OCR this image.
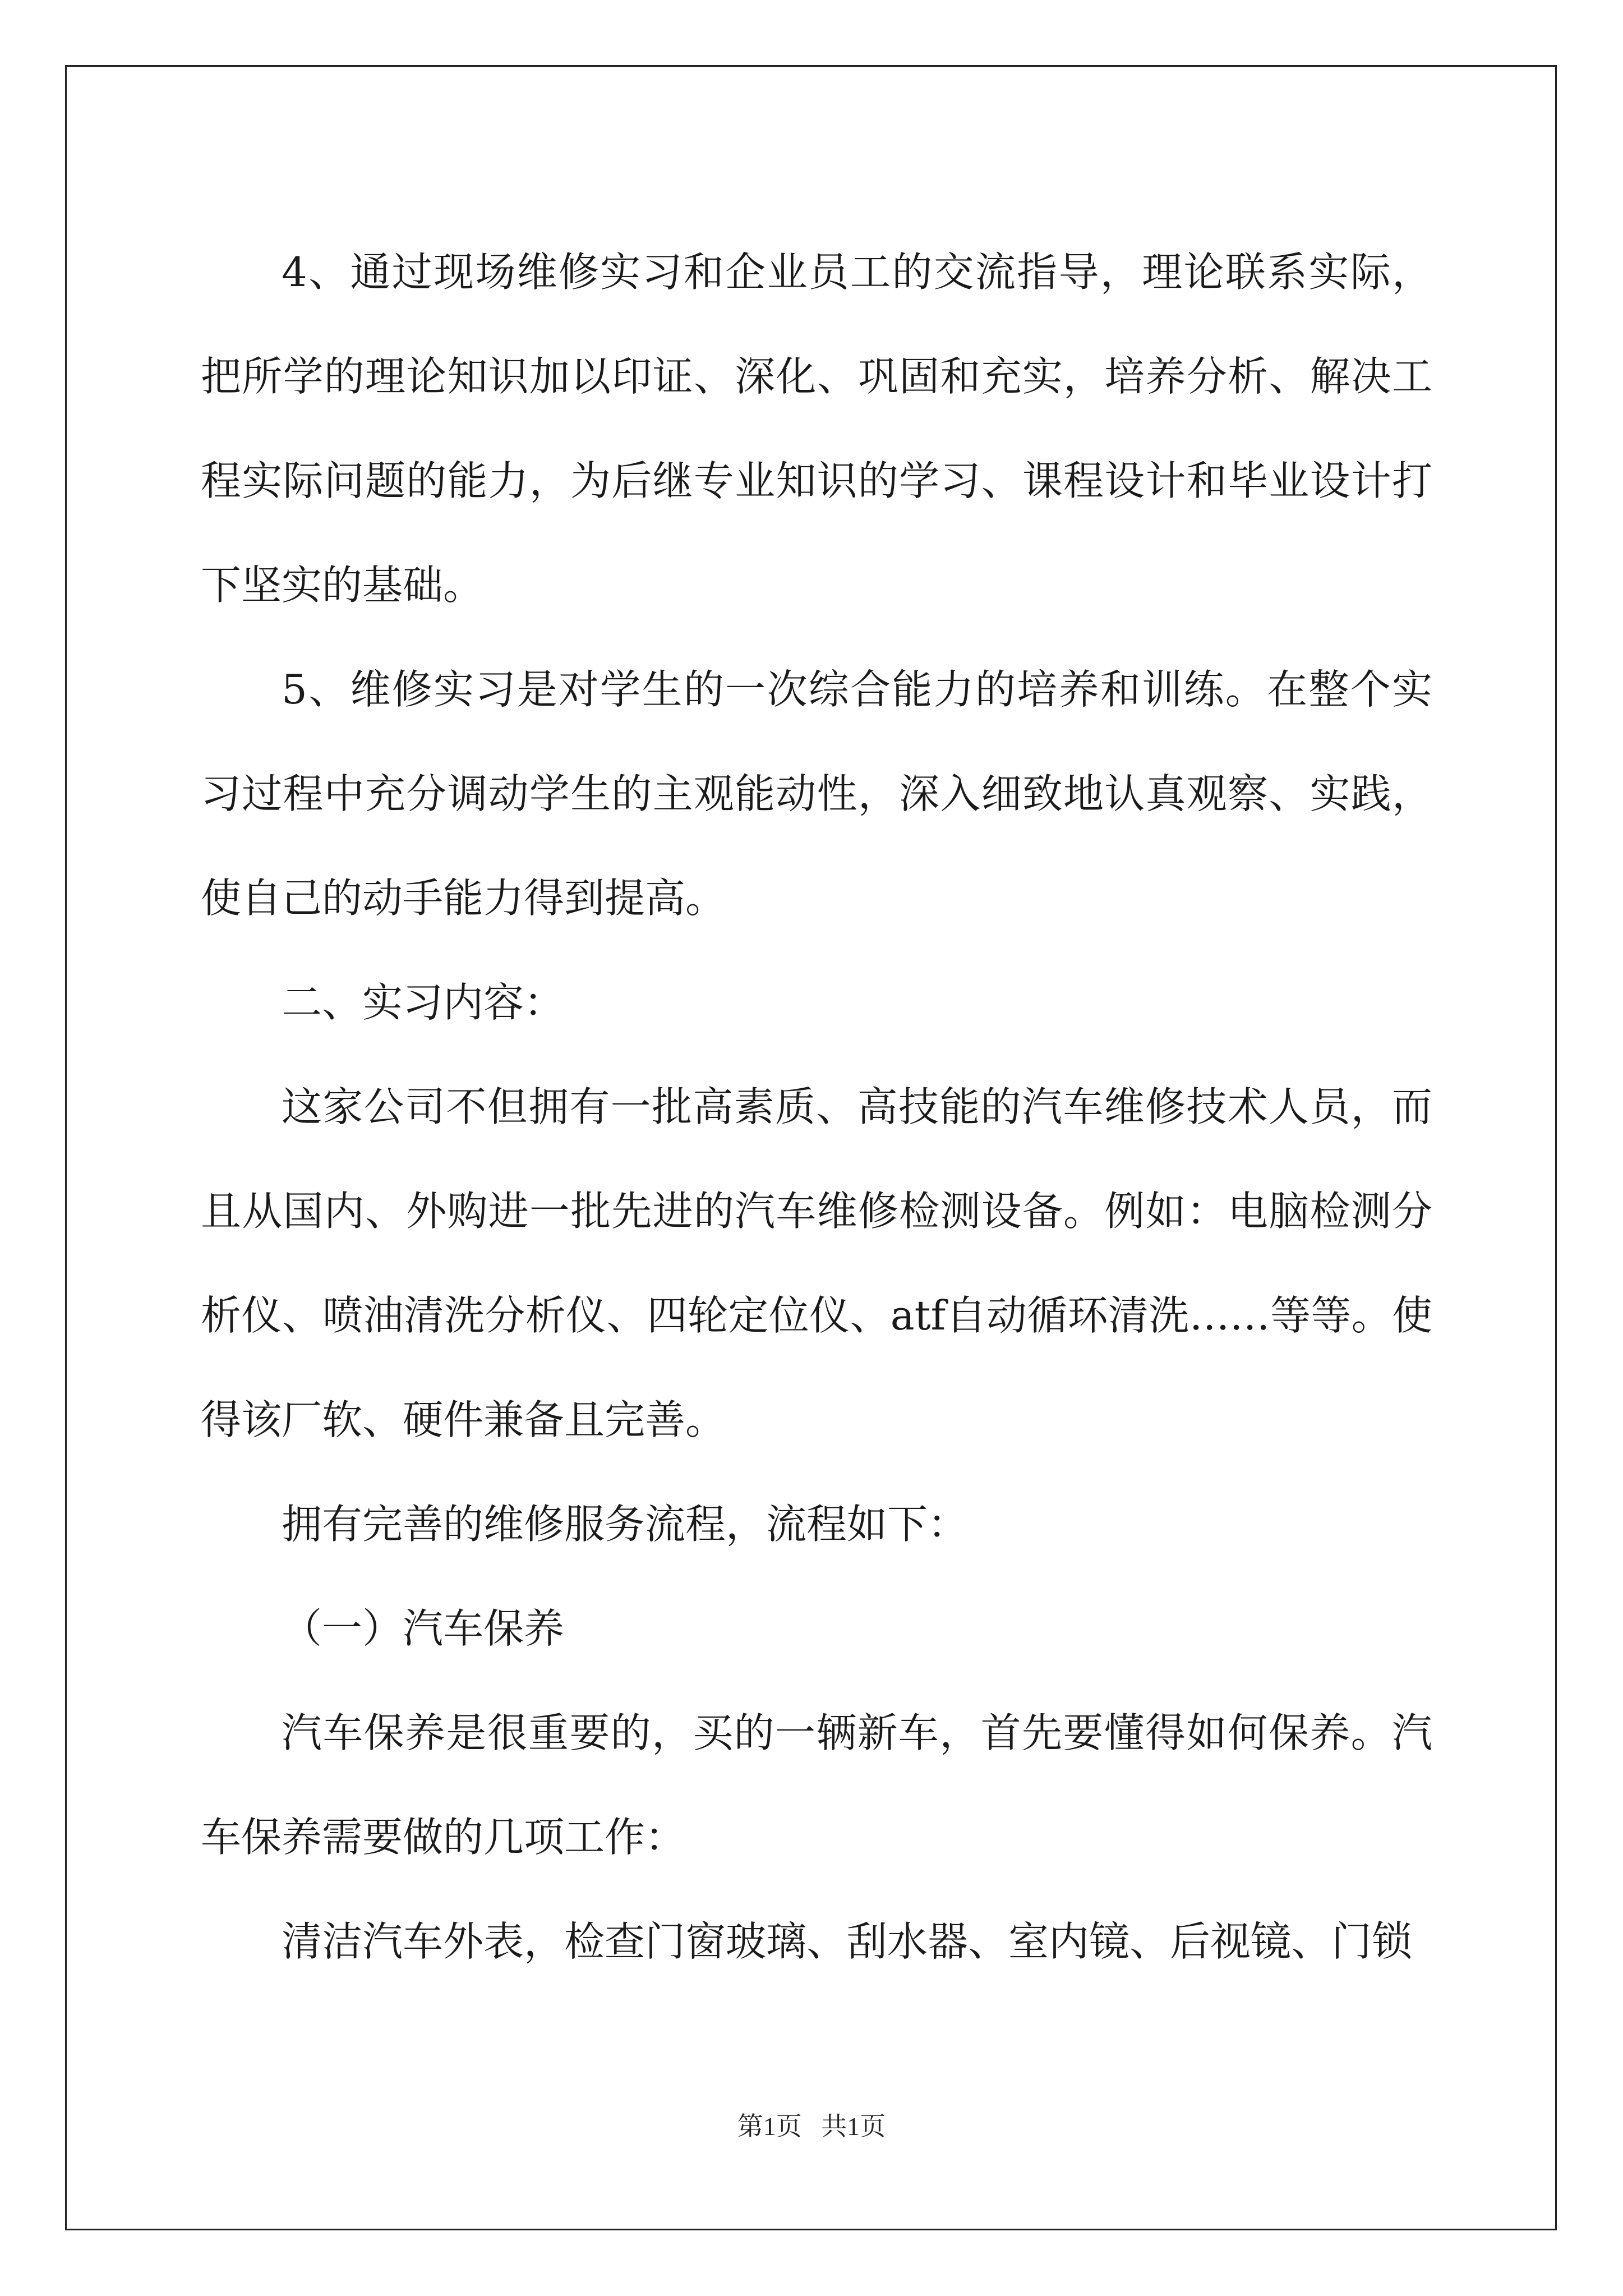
4、通过现场维修实习和企业员工的交流指导，理论联系实际，把所学的理论知识加以印证、深化、巩固和充实，培养分析、解决工程实际问题的能力，为后继专业知识的学习、课程设计和毕业设计打下坚实的基础。

5、维修实习是对学生的一次综合能力的培养和训练。在整个实习过程中充分调动学生的主观能动性，深入细致地认真观察、实践，使自己的动手能力得到提高。

二、实习内容：

这家公司不但拥有一批高素质、高技能的汽车维修技术人员，而且从国内、外购进一批先进的汽车维修检测设备。例如：电脑检测分析仪、喷油清洗分析仪、四轮定位仪、atf自动循环清洗……等等。使得该厂软、硬件兼备且完善。

拥有完善的维修服务流程，流程如下：

（一）汽车保养

汽车保养是很重要的，买的一辆新车，首先要懂得如何保养。汽车保养需要做的几项工作：

清洁汽车外表，检查门窗玻璃、刮水器、室内镜、后视镜、门锁

第1页 共1页
